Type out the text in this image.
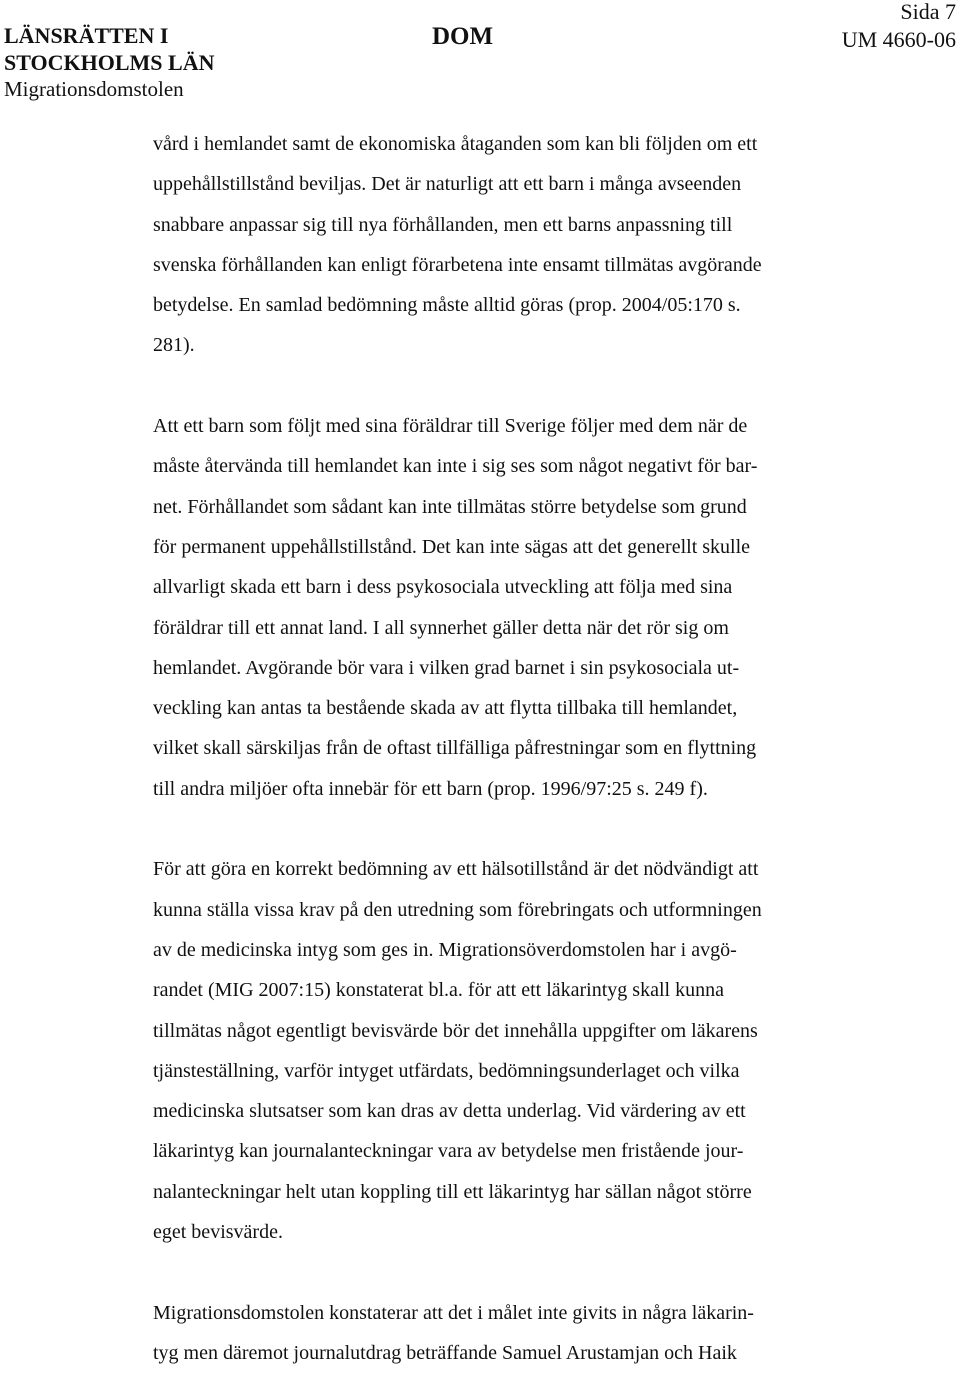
LÄNSRÄTTEN I
STOCKHOLMS LÄN
Migrationsdomstolen
DOM
Sida 7
UM 4660-06
vård i hemlandet samt de ekonomiska åtaganden som kan bli följden om ett
uppehållstillstånd beviljas. Det är naturligt att ett barn i många avseenden
snabbare anpassar sig till nya förhållanden, men ett barns anpassning till
svenska förhållanden kan enligt förarbetena inte ensamt tillmätas avgörande
betydelse. En samlad bedömning måste alltid göras (prop. 2004/05:170 s.
281).
Att ett barn som följt med sina föräldrar till Sverige följer med dem när de
måste återvända till hemlandet kan inte i sig ses som något negativt för bar-
net. Förhållandet som sådant kan inte tillmätas större betydelse som grund
för permanent uppehållstillstånd. Det kan inte sägas att det generellt skulle
allvarligt skada ett barn i dess psykosociala utveckling att följa med sina
föräldrar till ett annat land. I all synnerhet gäller detta när det rör sig om
hemlandet. Avgörande bör vara i vilken grad barnet i sin psykosociala ut-
veckling kan antas ta bestående skada av att flytta tillbaka till hemlandet,
vilket skall särskiljas från de oftast tillfälliga påfrestningar som en flyttning
till andra miljöer ofta innebär för ett barn (prop. 1996/97:25 s. 249 f).
För att göra en korrekt bedömning av ett hälsotillstånd är det nödvändigt att
kunna ställa vissa krav på den utredning som förebringats och utformningen
av de medicinska intyg som ges in. Migrationsöverdomstolen har i avgö-
randet (MIG 2007:15) konstaterat bl.a. för att ett läkarintyg skall kunna
tillmätas något egentligt bevisvärde bör det innehålla uppgifter om läkarens
tjänsteställning, varför intyget utfärdats, bedömningsunderlaget och vilka
medicinska slutsatser som kan dras av detta underlag. Vid värdering av ett
läkarintyg kan journalanteckningar vara av betydelse men fristående jour-
nalanteckningar helt utan koppling till ett läkarintyg har sällan något större
eget bevisvärde.
Migrationsdomstolen konstaterar att det i målet inte givits in några läkarin-
tyg men däremot journalutdrag beträffande Samuel Arustamjan och Haik
